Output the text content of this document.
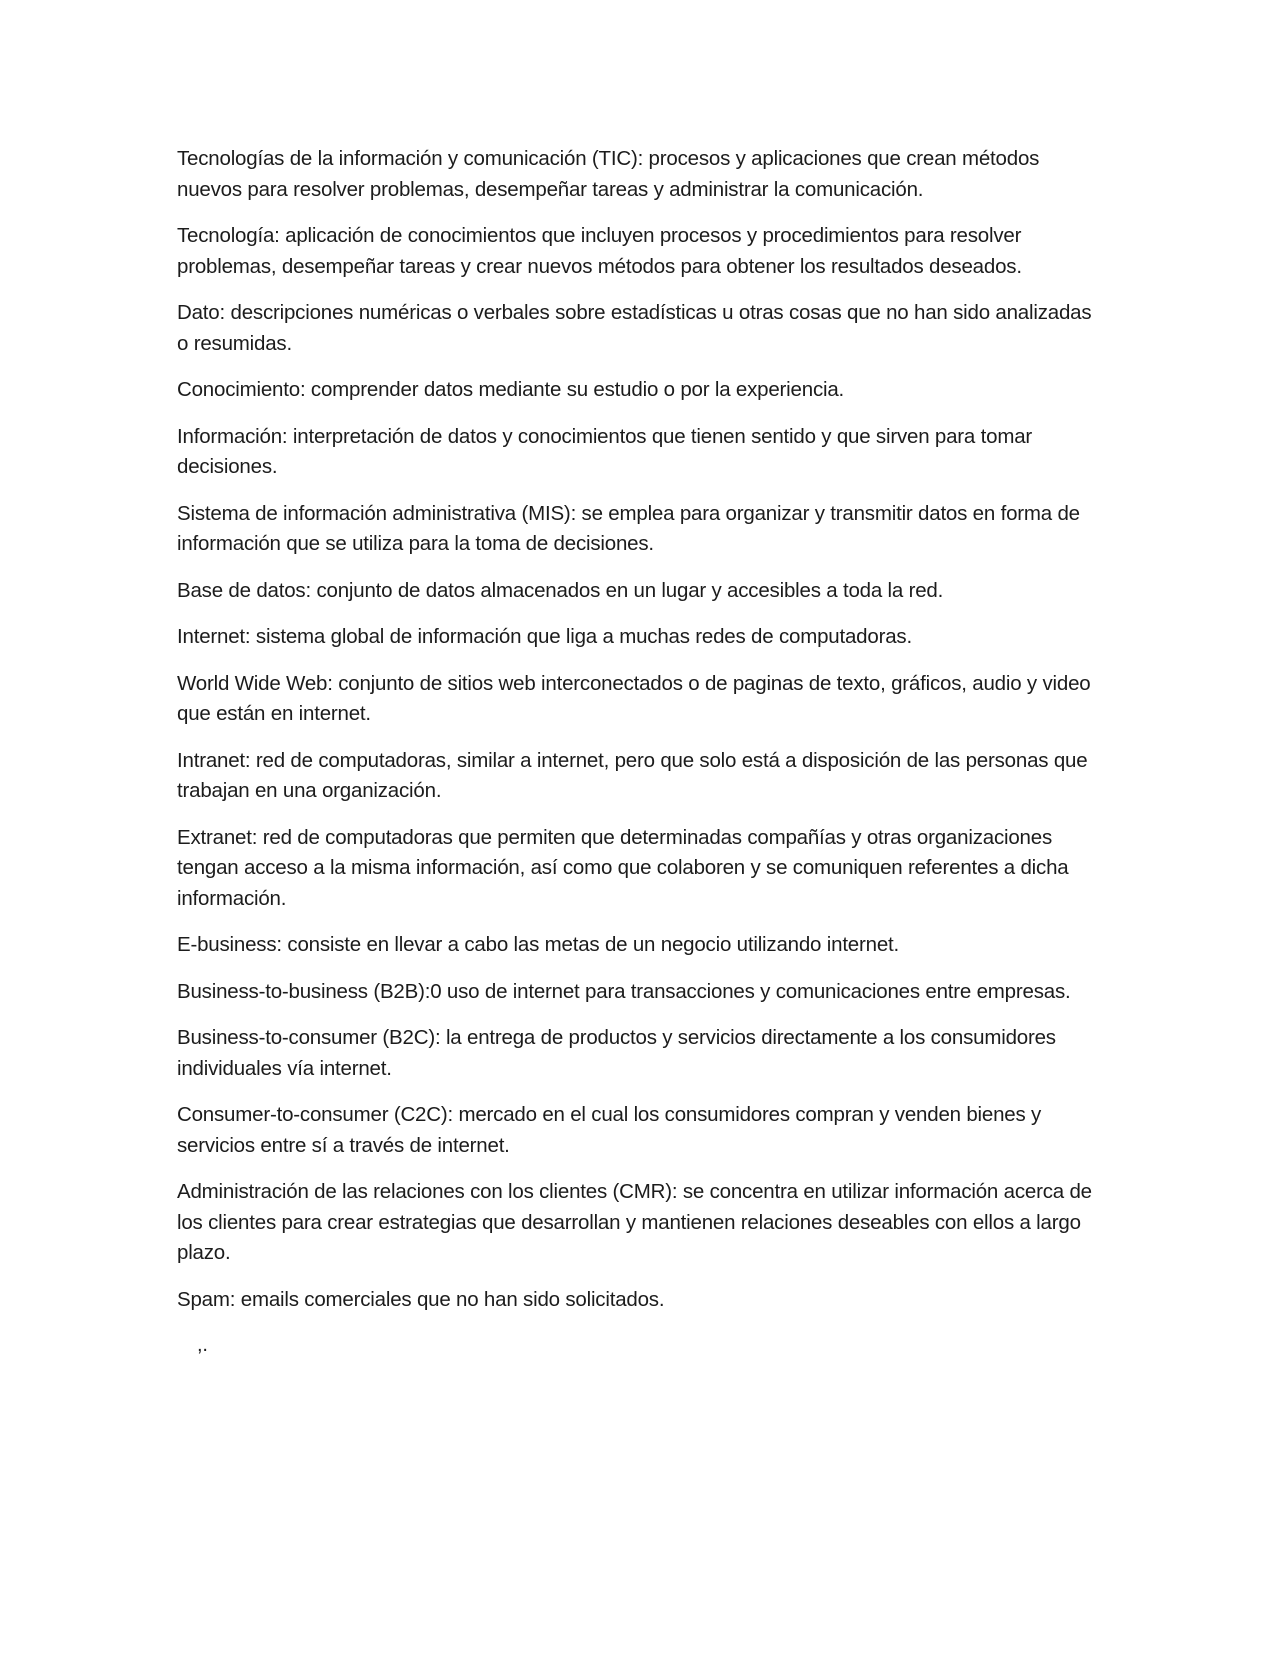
Tecnologías de la información y comunicación (TIC): procesos y aplicaciones que crean métodos nuevos para resolver problemas, desempeñar tareas y administrar la comunicación.

Tecnología: aplicación de conocimientos que incluyen procesos y procedimientos para resolver problemas, desempeñar tareas y crear nuevos métodos para obtener los resultados deseados.

Dato: descripciones numéricas o verbales sobre estadísticas u otras cosas que no han sido analizadas o resumidas.

Conocimiento: comprender datos mediante su estudio o por la experiencia.

Información: interpretación de datos y conocimientos que tienen sentido y que sirven para tomar decisiones.

Sistema de información administrativa (MIS): se emplea para organizar y transmitir datos en forma de información que se utiliza para la toma de decisiones.

Base de datos: conjunto de datos almacenados en un lugar y accesibles a toda la red.

Internet: sistema global de información que liga a muchas redes de computadoras.

World Wide Web: conjunto de sitios web interconectados o de paginas de texto, gráficos, audio y video que están en internet.

Intranet: red de computadoras, similar a internet, pero que solo está a disposición de las personas que trabajan en una organización.

Extranet: red de computadoras que permiten que determinadas compañías y otras organizaciones tengan acceso a la misma información, así como que colaboren y se comuniquen referentes a dicha información.

E-business: consiste en llevar a cabo las metas de un negocio utilizando internet.

Business-to-business (B2B):0 uso de internet para transacciones y comunicaciones entre empresas.

Business-to-consumer (B2C): la entrega de productos y servicios directamente a los consumidores individuales vía internet.

Consumer-to-consumer (C2C): mercado en el cual los consumidores compran y venden bienes y servicios entre sí a través de internet.

Administración de las relaciones con los clientes (CMR): se concentra en utilizar información acerca de los clientes para crear estrategias que desarrollan y mantienen relaciones deseables con ellos a largo plazo.

Spam: emails comerciales que no han sido solicitados.

,.
